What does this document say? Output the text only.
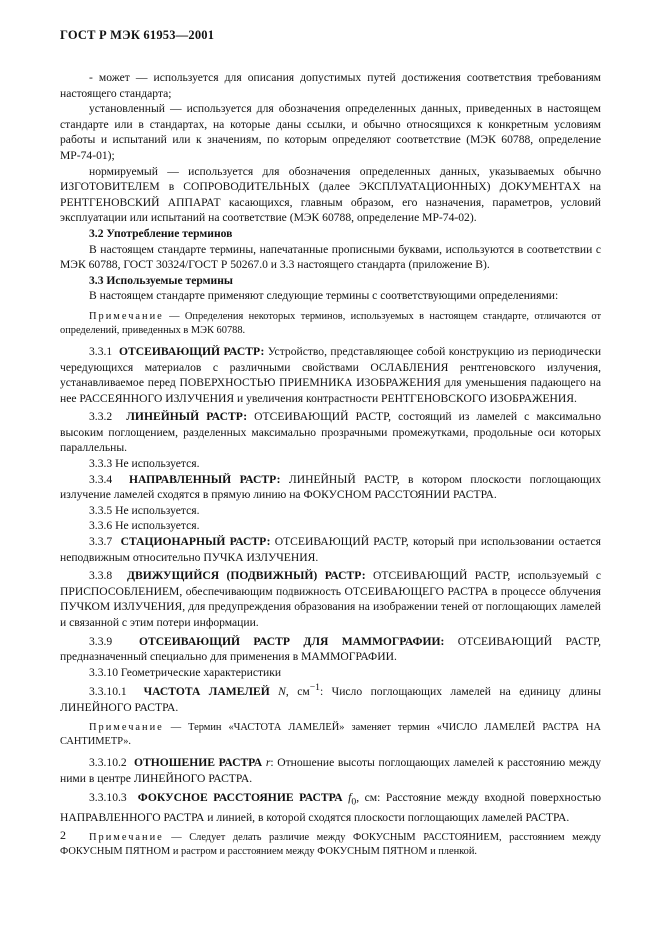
ГОСТ Р МЭК 61953—2001

- может — используется для описания допустимых путей достижения соответствия требованиям настоящего стандарта;

установленный — используется для обозначения определенных данных, приведенных в настоящем стандарте или в стандартах, на которые даны ссылки, и обычно относящихся к конкретным условиям работы и испытаний или к значениям, по которым определяют соответствие (МЭК 60788, определение МР-74-01);

нормируемый — используется для обозначения определенных данных, указываемых обычно ИЗГОТОВИТЕЛЕМ в СОПРОВОДИТЕЛЬНЫХ (далее ЭКСПЛУАТАЦИОННЫХ) ДОКУМЕНТАХ на РЕНТГЕНОВСКИЙ АППАРАТ касающихся, главным образом, его назначения, параметров, условий эксплуатации или испытаний на соответствие (МЭК 60788, определение МР-74-02).

3.2 Употребление терминов

В настоящем стандарте термины, напечатанные прописными буквами, используются в соответствии с МЭК 60788, ГОСТ 30324/ГОСТ Р 50267.0 и 3.3 настоящего стандарта (приложение В).

3.3 Используемые термины

В настоящем стандарте применяют следующие термины с соответствующими определениями:

Примечание — Определения некоторых терминов, используемых в настоящем стандарте, отличаются от определений, приведенных в МЭК 60788.

3.3.1 ОТСЕИВАЮЩИЙ РАСТР: Устройство, представляющее собой конструкцию из периодически чередующихся материалов с различными свойствами ОСЛАБЛЕНИЯ рентгеновского излучения, устанавливаемое перед ПОВЕРХНОСТЬЮ ПРИЕМНИКА ИЗОБРАЖЕНИЯ для уменьшения падающего на нее РАССЕЯННОГО ИЗЛУЧЕНИЯ и увеличения контрастности РЕНТГЕНОВСКОГО ИЗОБРАЖЕНИЯ.

3.3.2 ЛИНЕЙНЫЙ РАСТР: ОТСЕИВАЮЩИЙ РАСТР, состоящий из ламелей с максимально высоким поглощением, разделенных максимально прозрачными промежутками, продольные оси которых параллельны.

3.3.3 Не используется.

3.3.4 НАПРАВЛЕННЫЙ РАСТР: ЛИНЕЙНЫЙ РАСТР, в котором плоскости поглощающих излучение ламелей сходятся в прямую линию на ФОКУСНОМ РАССТОЯНИИ РАСТРА.

3.3.5 Не используется.

3.3.6 Не используется.

3.3.7 СТАЦИОНАРНЫЙ РАСТР: ОТСЕИВАЮЩИЙ РАСТР, который при использовании остается неподвижным относительно ПУЧКА ИЗЛУЧЕНИЯ.

3.3.8 ДВИЖУЩИЙСЯ (ПОДВИЖНЫЙ) РАСТР: ОТСЕИВАЮЩИЙ РАСТР, используемый с ПРИСПОСОБЛЕНИЕМ, обеспечивающим подвижность ОТСЕИВАЮЩЕГО РАСТРА в процессе облучения ПУЧКОМ ИЗЛУЧЕНИЯ, для предупреждения образования на изображении теней от поглощающих ламелей и связанной с этим потери информации.

3.3.9 ОТСЕИВАЮЩИЙ РАСТР ДЛЯ МАММОГРАФИИ: ОТСЕИВАЮЩИЙ РАСТР, предназначенный специально для применения в МАММОГРАФИИ.

3.3.10 Геометрические характеристики

3.3.10.1 ЧАСТОТА ЛАМЕЛЕЙ N, $см^{-1}$: Число поглощающих ламелей на единицу длины ЛИНЕЙНОГО РАСТРА.

Примечание — Термин «ЧАСТОТА ЛАМЕЛЕЙ» заменяет термин «ЧИСЛО ЛАМЕЛЕЙ РАСТРА НА САНТИМЕТР».

3.3.10.2 ОТНОШЕНИЕ РАСТРА r: Отношение высоты поглощающих ламелей к расстоянию между ними в центре ЛИНЕЙНОГО РАСТРА.

3.3.10.3 ФОКУСНОЕ РАССТОЯНИЕ РАСТРА $f_0$, см: Расстояние между входной поверхностью НАПРАВЛЕННОГО РАСТРА и линией, в которой сходятся плоскости поглощающих ламелей РАСТРА.

Примечание — Следует делать различие между ФОКУСНЫМ РАССТОЯНИЕМ, расстоянием между ФОКУСНЫМ ПЯТНОМ и растром и расстоянием между ФОКУСНЫМ ПЯТНОМ и пленкой.

2
